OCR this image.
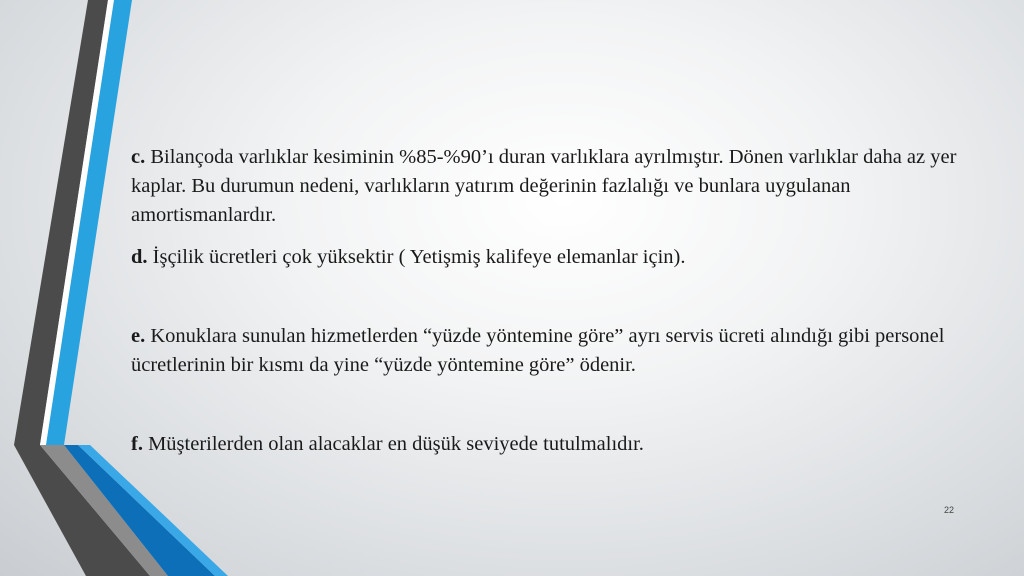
c. Bilançoda varlıklar kesiminin %85-%90’ı duran varlıklara ayrılmıştır. Dönen varlıklar daha az yer kaplar. Bu durumun nedeni, varlıkların yatırım değerinin fazlalığı ve bunlara uygulanan amortismanlardır.

d. İşçilik ücretleri çok yüksektir ( Yetişmiş kalifeye elemanlar için).

e. Konuklara sunulan hizmetlerden “yüzde yöntemine göre” ayrı servis ücreti alındığı gibi personel ücretlerinin bir kısmı da yine “yüzde yöntemine göre” ödenir.

f. Müşterilerden olan alacaklar en düşük seviyede tutulmalıdır.

22
